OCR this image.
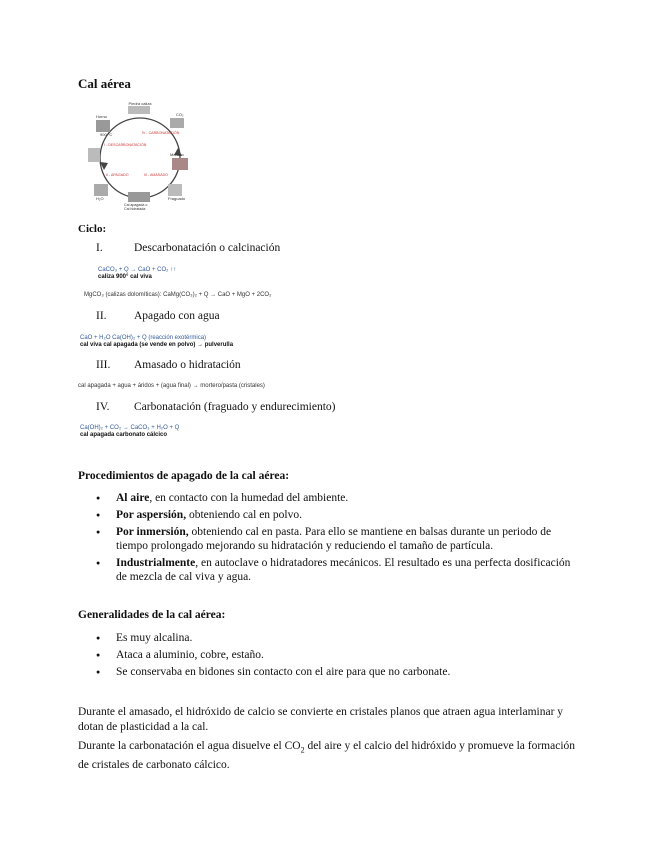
Cal aérea
Piedra caliza
CO₂
Horno
900 °C
I - DESCARBONATACIÓN
IV - CARBONATACIÓN
II - APAGADO	III - AMASADO
Cal apagada o
Cal hidratada
Mortero
H₂O	Fraguado
Ciclo:
I.	Descarbonatación o calcinación
CaCO₃ + Q → CaO + CO₂ ↑↑
caliza 900° cal viva
MgCO₃ (calizas dolomíticas): CaMg(CO₃)₂ + Q → CaO + MgO + 2CO₂
II. Apagado con agua
CaO + H₂O Ca(OH)₂ + Q (reacción exotérmica)
cal viva cal apagada (se vende en polvo) → pulverulla
III. Amasado o hidratación
cal apagada + agua + áridos + (agua final) → mortero/pasta (cristales)
IV. Carbonatación (fraguado y endurecimiento)
Ca(OH)₂ + CO₂ → CaCO₃ + H₂O + Q
cal apagada carbonato cálcico
Procedimientos de apagado de la cal aérea:
● Al aire, en contacto con la humedad del ambiente.
● Por aspersión, obteniendo cal en polvo.
● Por inmersión, obteniendo cal en pasta. Para ello se mantiene en balsas durante un periodo de tiempo prolongado mejorando su hidratación y reduciendo el tamaño de partícula.
● Industrialmente, en autoclave o hidratadores mecánicos. El resultado es una perfecta dosificación de mezcla de cal viva y agua.
Generalidades de la cal aérea:
● Es muy alcalina.
● Ataca a aluminio, cobre, estaño.
● Se conservaba en bidones sin contacto con el aire para que no carbonate.
Durante el amasado, el hidróxido de calcio se convierte en cristales planos que atraen agua interlaminar y dotan de plasticidad a la cal.
Durante la carbonatación el agua disuelve el $CO_2$ del aire y el calcio del hidróxido y promueve la formación de cristales de carbonato cálcico.
